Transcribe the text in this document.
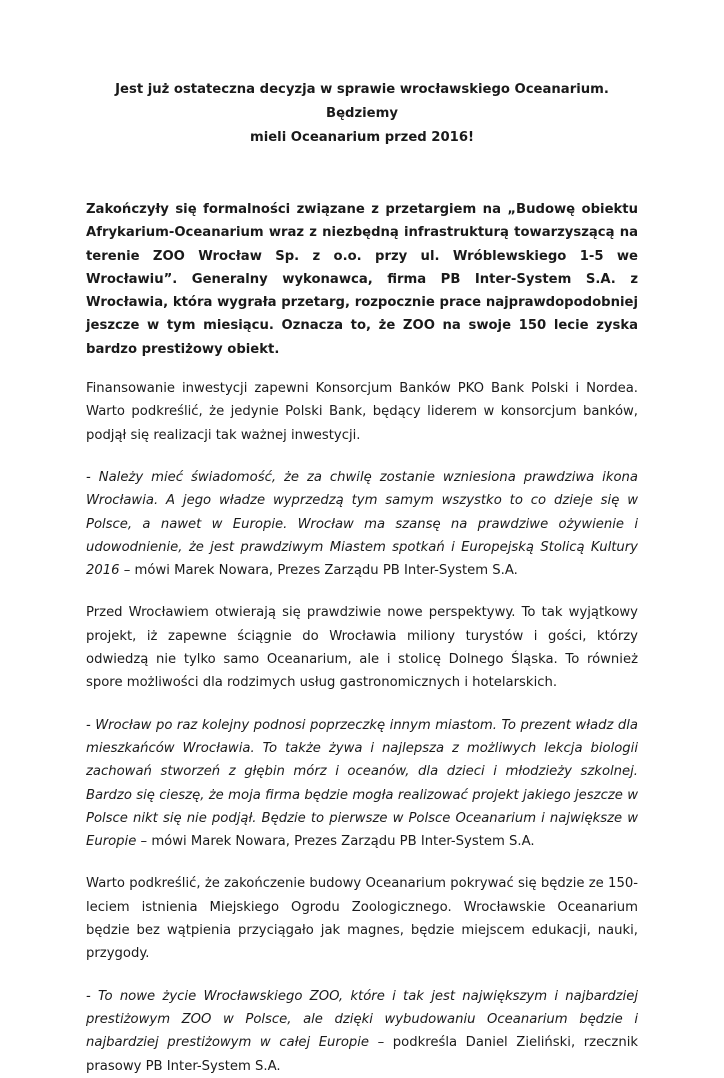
Jest już ostateczna decyzja w sprawie wrocławskiego Oceanarium. Będziemy
mieli Oceanarium przed 2016!

Zakończyły się formalności związane z przetargiem na „Budowę obiektu Afrykarium-Oceanarium wraz z niezbędną infrastrukturą towarzyszącą na terenie ZOO Wrocław Sp. z o.o. przy ul. Wróblewskiego 1-5 we Wrocławiu”. Generalny wykonawca, firma PB Inter-System S.A. z Wrocławia, która wygrała przetarg, rozpocznie prace najprawdopodobniej jeszcze w tym miesiącu. Oznacza to, że ZOO na swoje 150 lecie zyska bardzo prestiżowy obiekt.

Finansowanie inwestycji zapewni Konsorcjum Banków PKO Bank Polski i Nordea. Warto podkreślić, że jedynie Polski Bank, będący liderem w konsorcjum banków, podjął się realizacji tak ważnej inwestycji.

- Należy mieć świadomość, że za chwilę zostanie wzniesiona prawdziwa ikona Wrocławia. A jego władze wyprzedzą tym samym wszystko to co dzieje się w Polsce, a nawet w Europie. Wrocław ma szansę na prawdziwe ożywienie i udowodnienie, że jest prawdziwym Miastem spotkań i Europejską Stolicą Kultury 2016 – mówi Marek Nowara, Prezes Zarządu PB Inter-System S.A.

Przed Wrocławiem otwierają się prawdziwie nowe perspektywy. To tak wyjątkowy projekt, iż zapewne ściągnie do Wrocławia miliony turystów i gości, którzy odwiedzą nie tylko samo Oceanarium, ale i stolicę Dolnego Śląska. To również spore możliwości dla rodzimych usług gastronomicznych i hotelarskich.

- Wrocław po raz kolejny podnosi poprzeczkę innym miastom. To prezent władz dla mieszkańców Wrocławia. To także żywa i najlepsza z możliwych lekcja biologii zachowań stworzeń z głębin mórz i oceanów, dla dzieci i młodzieży szkolnej. Bardzo się cieszę, że moja firma będzie mogła realizować projekt jakiego jeszcze w Polsce nikt się nie podjął. Będzie to pierwsze w Polsce Oceanarium i największe w Europie – mówi Marek Nowara, Prezes Zarządu PB Inter-System S.A.

Warto podkreślić, że zakończenie budowy Oceanarium pokrywać się będzie ze 150-leciem istnienia Miejskiego Ogrodu Zoologicznego. Wrocławskie Oceanarium będzie bez wątpienia przyciągało jak magnes, będzie miejscem edukacji, nauki, przygody.

- To nowe życie Wrocławskiego ZOO, które i tak jest największym i najbardziej prestiżowym ZOO w Polsce, ale dzięki wybudowaniu Oceanarium będzie i najbardziej prestiżowym w całej Europie – podkreśla Daniel Zieliński, rzecznik prasowy PB Inter-System S.A.
